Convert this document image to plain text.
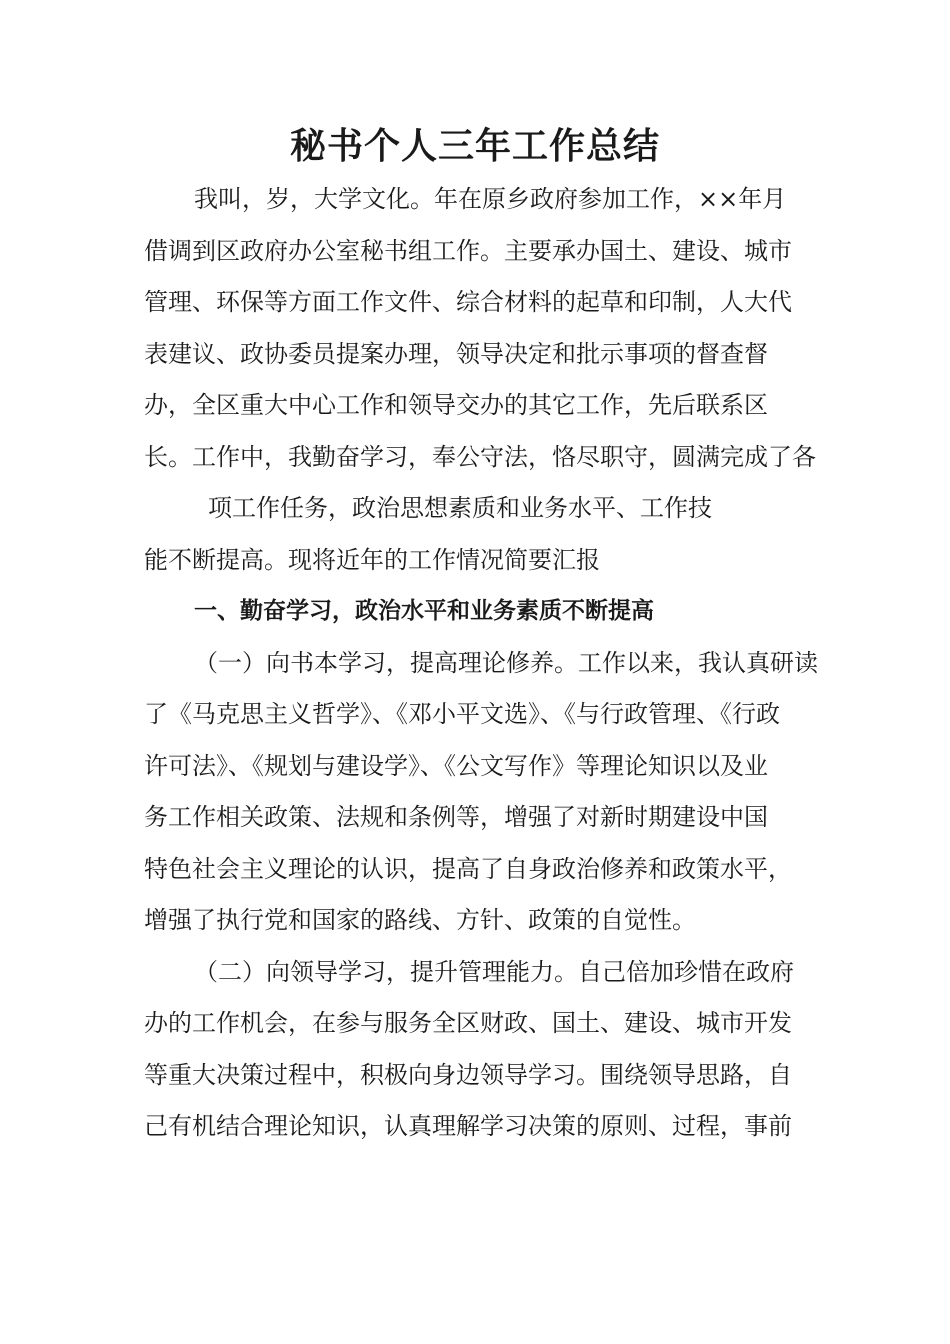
秘书个人三年工作总结
我叫，岁，大学文化。年在原乡政府参加工作，××年月
借调到区政府办公室秘书组工作。主要承办国土、建设、城市
管理、环保等方面工作文件、综合材料的起草和印制，人大代
表建议、政协委员提案办理，领导决定和批示事项的督查督
办，全区重大中心工作和领导交办的其它工作，先后联系区
长。工作中，我勤奋学习，奉公守法，恪尽职守，圆满完成了各
项工作任务，政治思想素质和业务水平、工作技
能不断提高。现将近年的工作情况简要汇报
一、勤奋学习，政治水平和业务素质不断提高
（一）向书本学习，提高理论修养。工作以来，我认真研读
了《马克思主义哲学》、《邓小平文选》、《与行政管理、《行政
许可法》、《规划与建设学》、《公文写作》等理论知识以及业
务工作相关政策、法规和条例等，增强了对新时期建设中国
特色社会主义理论的认识，提高了自身政治修养和政策水平，
增强了执行党和国家的路线、方针、政策的自觉性。
（二）向领导学习，提升管理能力。自己倍加珍惜在政府
办的工作机会，在参与服务全区财政、国土、建设、城市开发
等重大决策过程中，积极向身边领导学习。围绕领导思路，自
己有机结合理论知识，认真理解学习决策的原则、过程，事前
